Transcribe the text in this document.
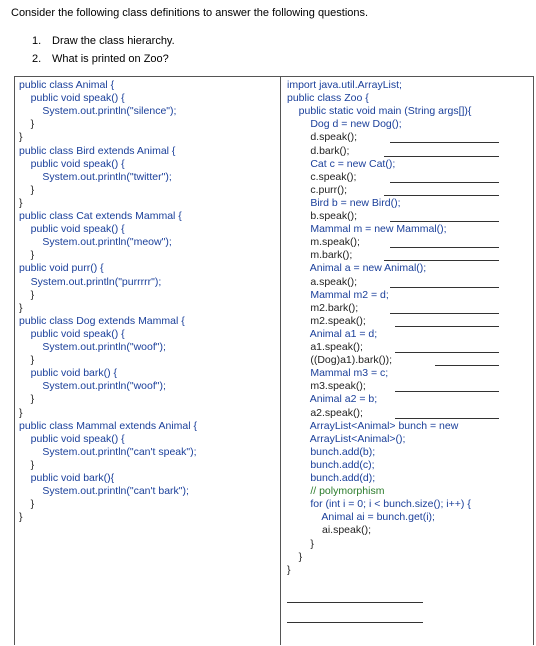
Consider the following class definitions to answer the following questions.
1. Draw the class hierarchy.
2. What is printed on Zoo?
public class Animal {
public void speak() {
System.out.println("silence");
}
}
public class Bird extends Animal {
public void speak() {
System.out.println("twitter");
}
}
public class Cat extends Mammal {
public void speak() {
System.out.println("meow");
}
public void purr() {
System.out.println("purrrrr");
}
}
public class Dog extends Mammal {
public void speak() {
System.out.println("woof");
}
public void bark() {
System.out.println("woof");
}
}
public class Mammal extends Animal {
public void speak() {
System.out.println("can't speak");
}
public void bark(){
System.out.println("can't bark");
}
}
import java.util.ArrayList;
public class Zoo {
public static void main (String args[]){
Dog d = new Dog();
d.speak();
d.bark();
Cat c = new Cat();
c.speak();
c.purr();
Bird b = new Bird();
b.speak();
Mammal m = new Mammal();
m.speak();
m.bark();
Animal a = new Animal();
a.speak();
Mammal m2 = d;
m2.bark();
m2.speak();
Animal a1 = d;
a1.speak();
((Dog)a1).bark());
Mammal m3 = c;
m3.speak();
Animal a2 = b;
a2.speak();
ArrayList<Animal> bunch = new
ArrayList<Animal>();
bunch.add(b);
bunch.add(c);
bunch.add(d);
// polymorphism
for (int i = 0; i < bunch.size(); i++) {
Animal ai = bunch.get(i);
ai.speak();
}
}
}
